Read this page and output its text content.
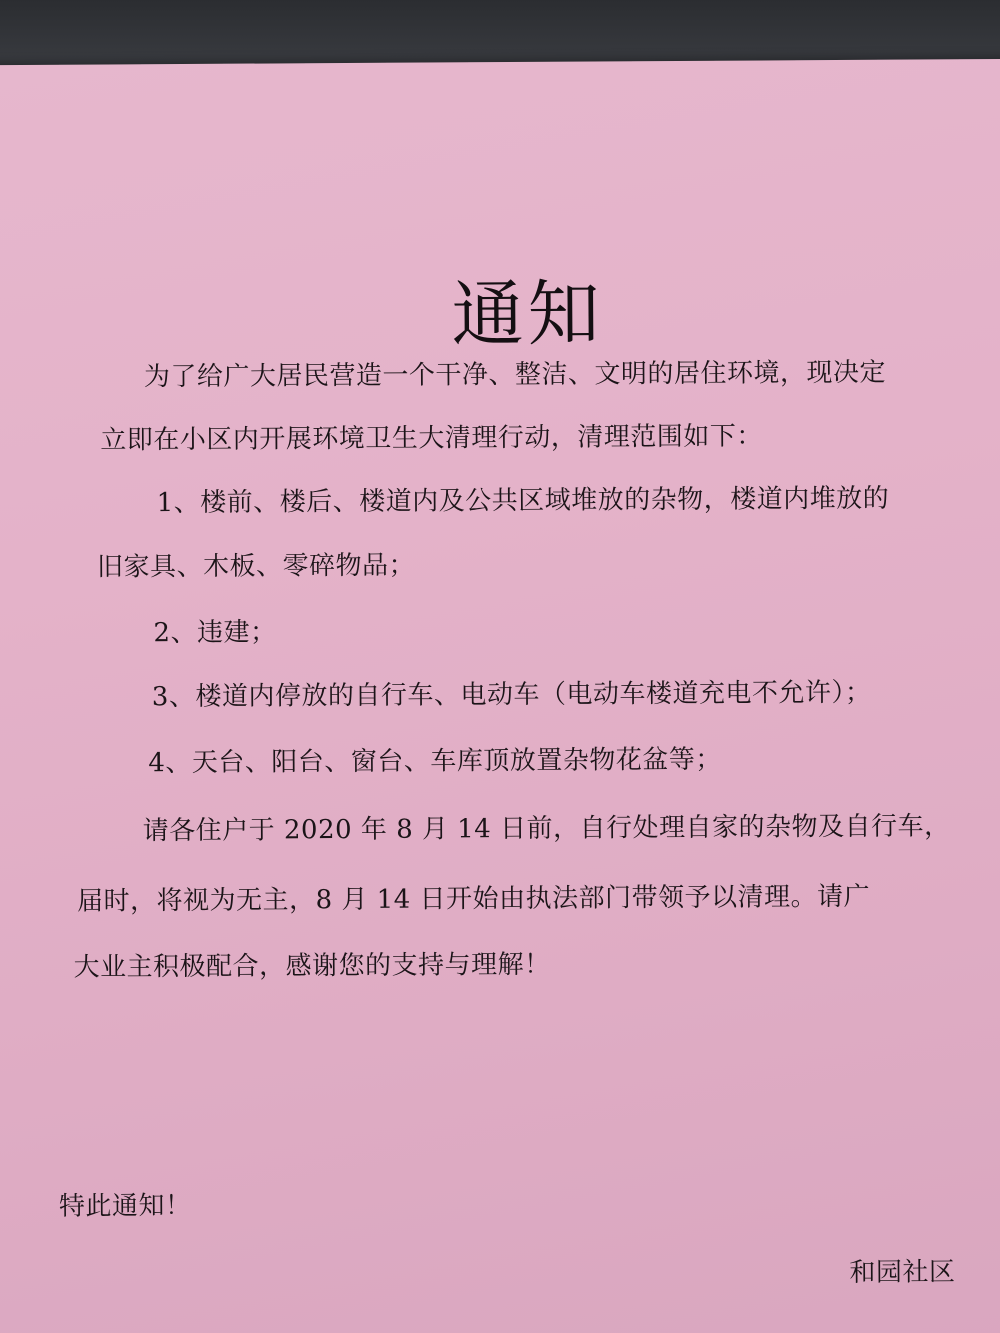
通知

为了给广大居民营造一个干净、整洁、文明的居住环境，现决定

立即在小区内开展环境卫生大清理行动，清理范围如下：

1、楼前、楼后、楼道内及公共区域堆放的杂物，楼道内堆放的

旧家具、木板、零碎物品；

2、违建；

3、楼道内停放的自行车、电动车（电动车楼道充电不允许）；

4、天台、阳台、窗台、车库顶放置杂物花盆等；

请各住户于 2020 年 8 月 14 日前，自行处理自家的杂物及自行车，

届时，将视为无主，8 月 14 日开始由执法部门带领予以清理。请广

大业主积极配合，感谢您的支持与理解！

特此通知！

和园社区
